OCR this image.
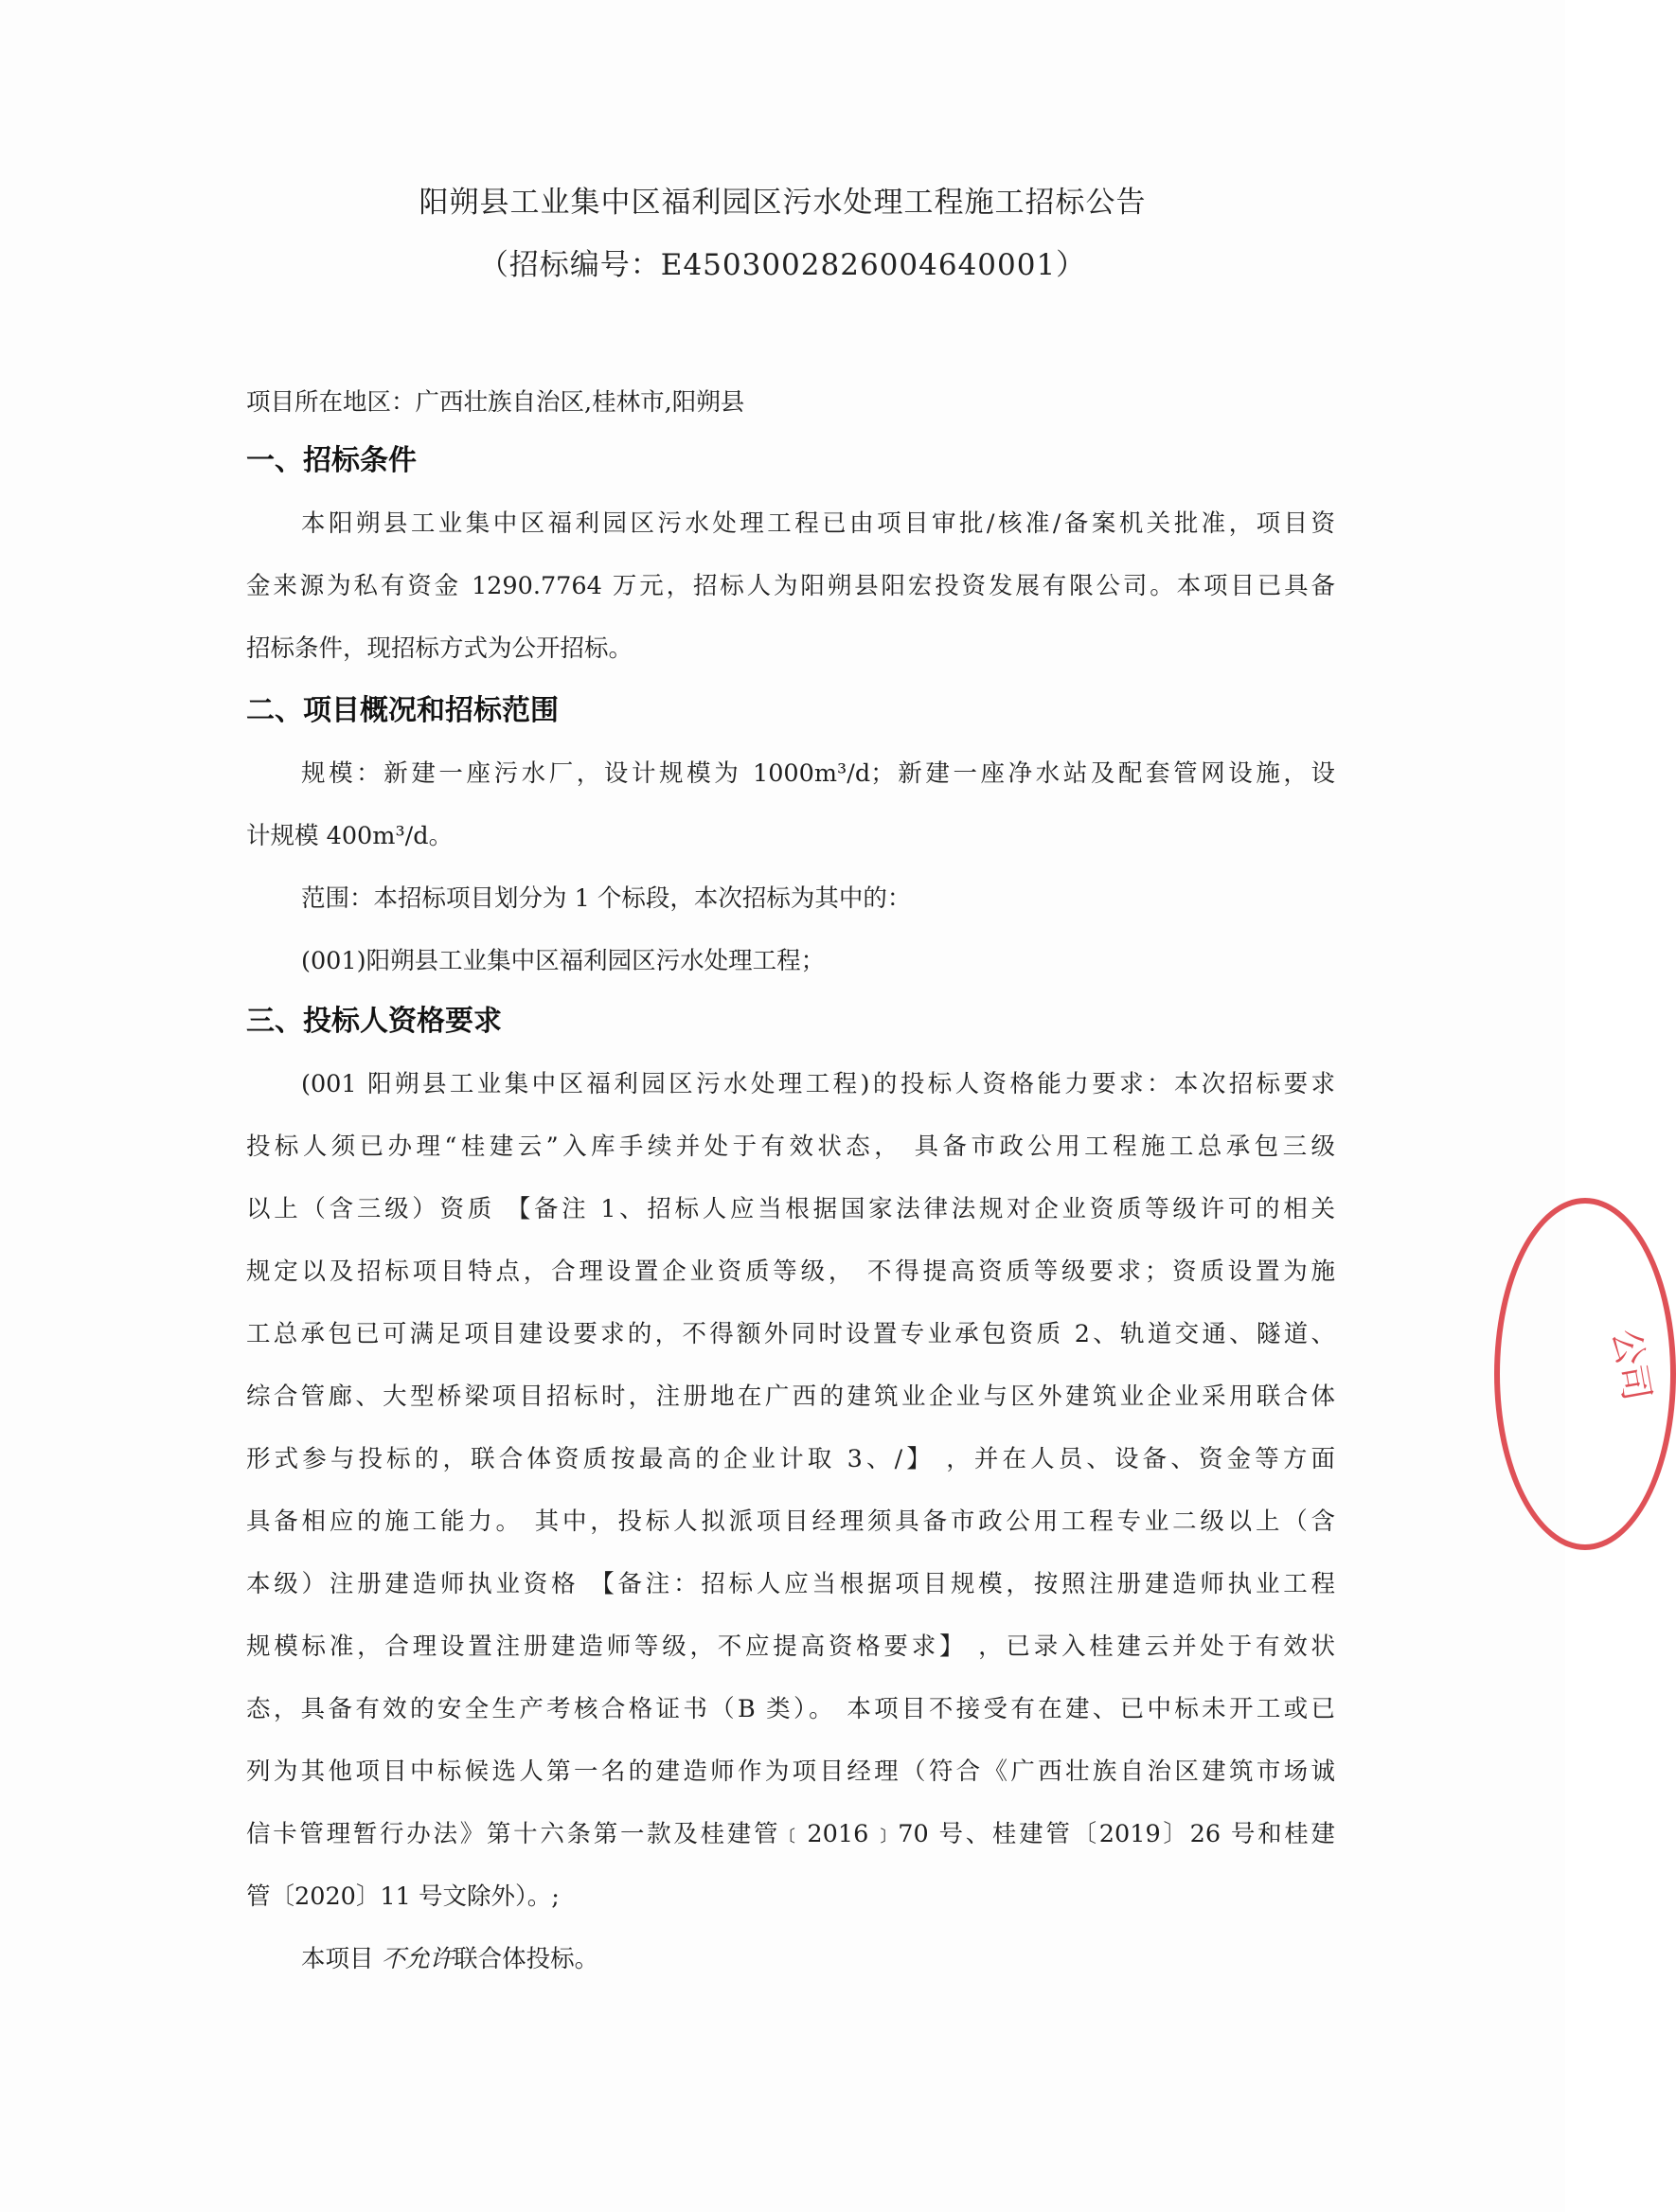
阳朔县工业集中区福利园区污水处理工程施工招标公告
（招标编号：E4503002826004640001）
项目所在地区：广西壮族自治区,桂林市,阳朔县
一、招标条件
本阳朔县工业集中区福利园区污水处理工程已由项目审批/核准/备案机关批准，项目资
金来源为私有资金 1290.7764 万元，招标人为阳朔县阳宏投资发展有限公司。本项目已具备
招标条件，现招标方式为公开招标。
二、项目概况和招标范围
规模：新建一座污水厂，设计规模为 1000m³/d；新建一座净水站及配套管网设施，设
计规模 400m³/d。
范围：本招标项目划分为 1 个标段，本次招标为其中的：
(001)阳朔县工业集中区福利园区污水处理工程；
三、投标人资格要求
(001 阳朔县工业集中区福利园区污水处理工程)的投标人资格能力要求：本次招标要求
投标人须已办理“桂建云”入库手续并处于有效状态， 具备市政公用工程施工总承包三级
以上（含三级）资质 【备注 1、招标人应当根据国家法律法规对企业资质等级许可的相关
规定以及招标项目特点，合理设置企业资质等级， 不得提高资质等级要求；资质设置为施
工总承包已可满足项目建设要求的，不得额外同时设置专业承包资质 2、轨道交通、隧道、
综合管廊、大型桥梁项目招标时，注册地在广西的建筑业企业与区外建筑业企业采用联合体
形式参与投标的，联合体资质按最高的企业计取 3、/】 ，并在人员、设备、资金等方面
具备相应的施工能力。 其中，投标人拟派项目经理须具备市政公用工程专业二级以上（含
本级）注册建造师执业资格 【备注：招标人应当根据项目规模，按照注册建造师执业工程
规模标准，合理设置注册建造师等级，不应提高资格要求】 ，已录入桂建云并处于有效状
态，具备有效的安全生产考核合格证书（B 类）。 本项目不接受有在建、已中标未开工或已
列为其他项目中标候选人第一名的建造师作为项目经理（符合《广西壮族自治区建筑市场诚
信卡管理暂行办法》第十六条第一款及桂建管﹝2016﹞70 号、桂建管〔2019〕26 号和桂建
管〔2020〕11 号文除外）。;
本项目 不允许联合体投标。
公司
